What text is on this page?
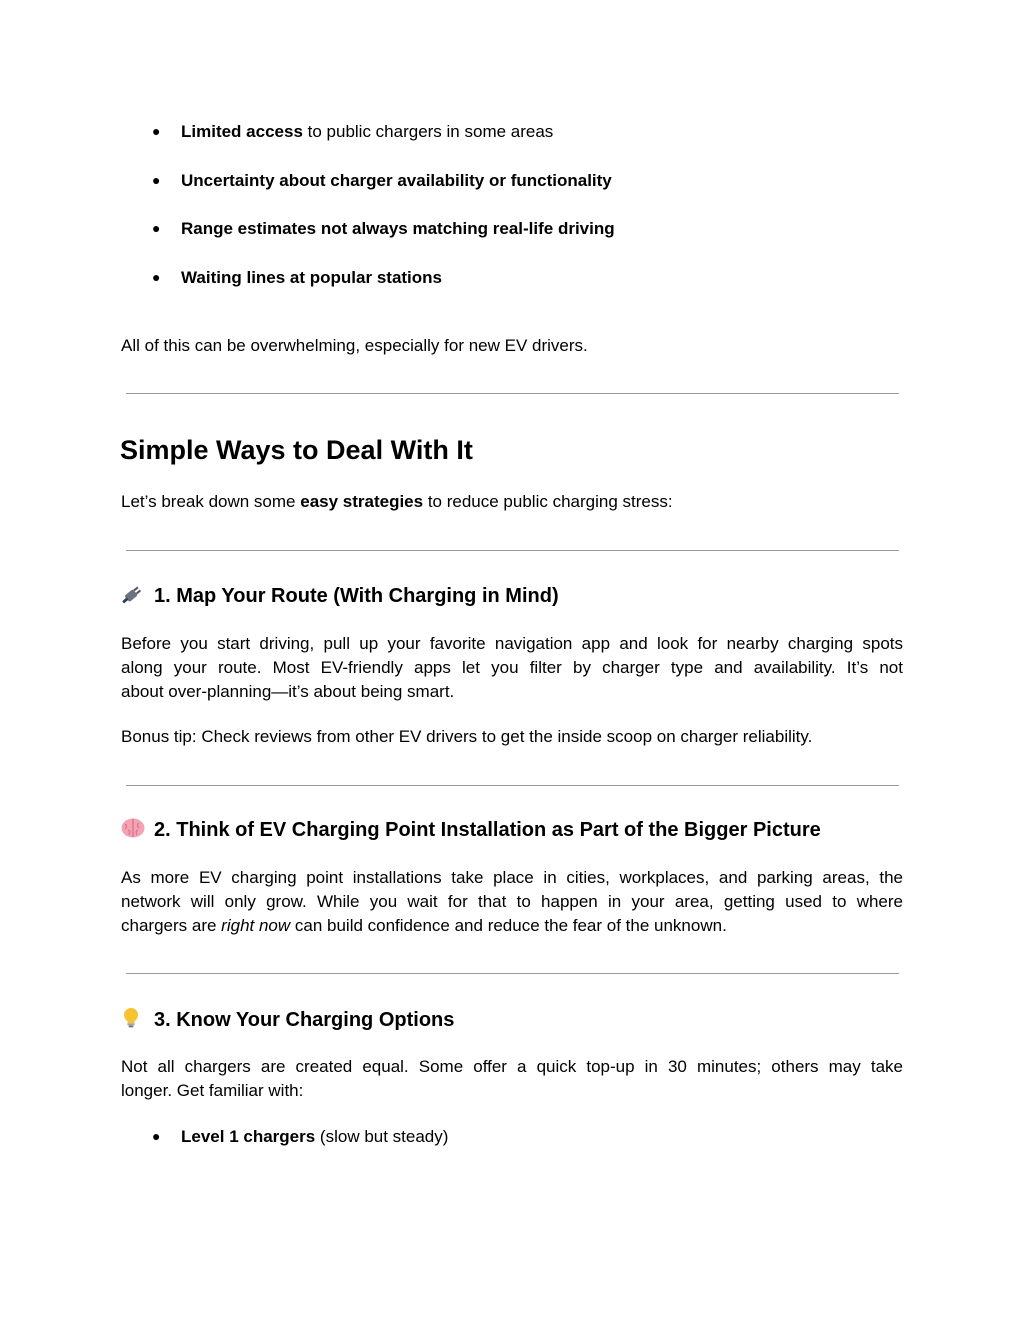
● Limited access to public chargers in some areas
● Uncertainty about charger availability or functionality
● Range estimates not always matching real-life driving
● Waiting lines at popular stations
All of this can be overwhelming, especially for new EV drivers.
Simple Ways to Deal With It
Let’s break down some easy strategies to reduce public charging stress:
1. Map Your Route (With Charging in Mind)
Before you start driving, pull up your favorite navigation app and look for nearby charging spots
along your route. Most EV-friendly apps let you filter by charger type and availability. It’s not
about over-planning—it’s about being smart.
Bonus tip: Check reviews from other EV drivers to get the inside scoop on charger reliability.
2. Think of EV Charging Point Installation as Part of the Bigger Picture
As more EV charging point installations take place in cities, workplaces, and parking areas, the
network will only grow. While you wait for that to happen in your area, getting used to where
chargers are right now can build confidence and reduce the fear of the unknown.
3. Know Your Charging Options
Not all chargers are created equal. Some offer a quick top-up in 30 minutes; others may take
longer. Get familiar with:
● Level 1 chargers (slow but steady)
